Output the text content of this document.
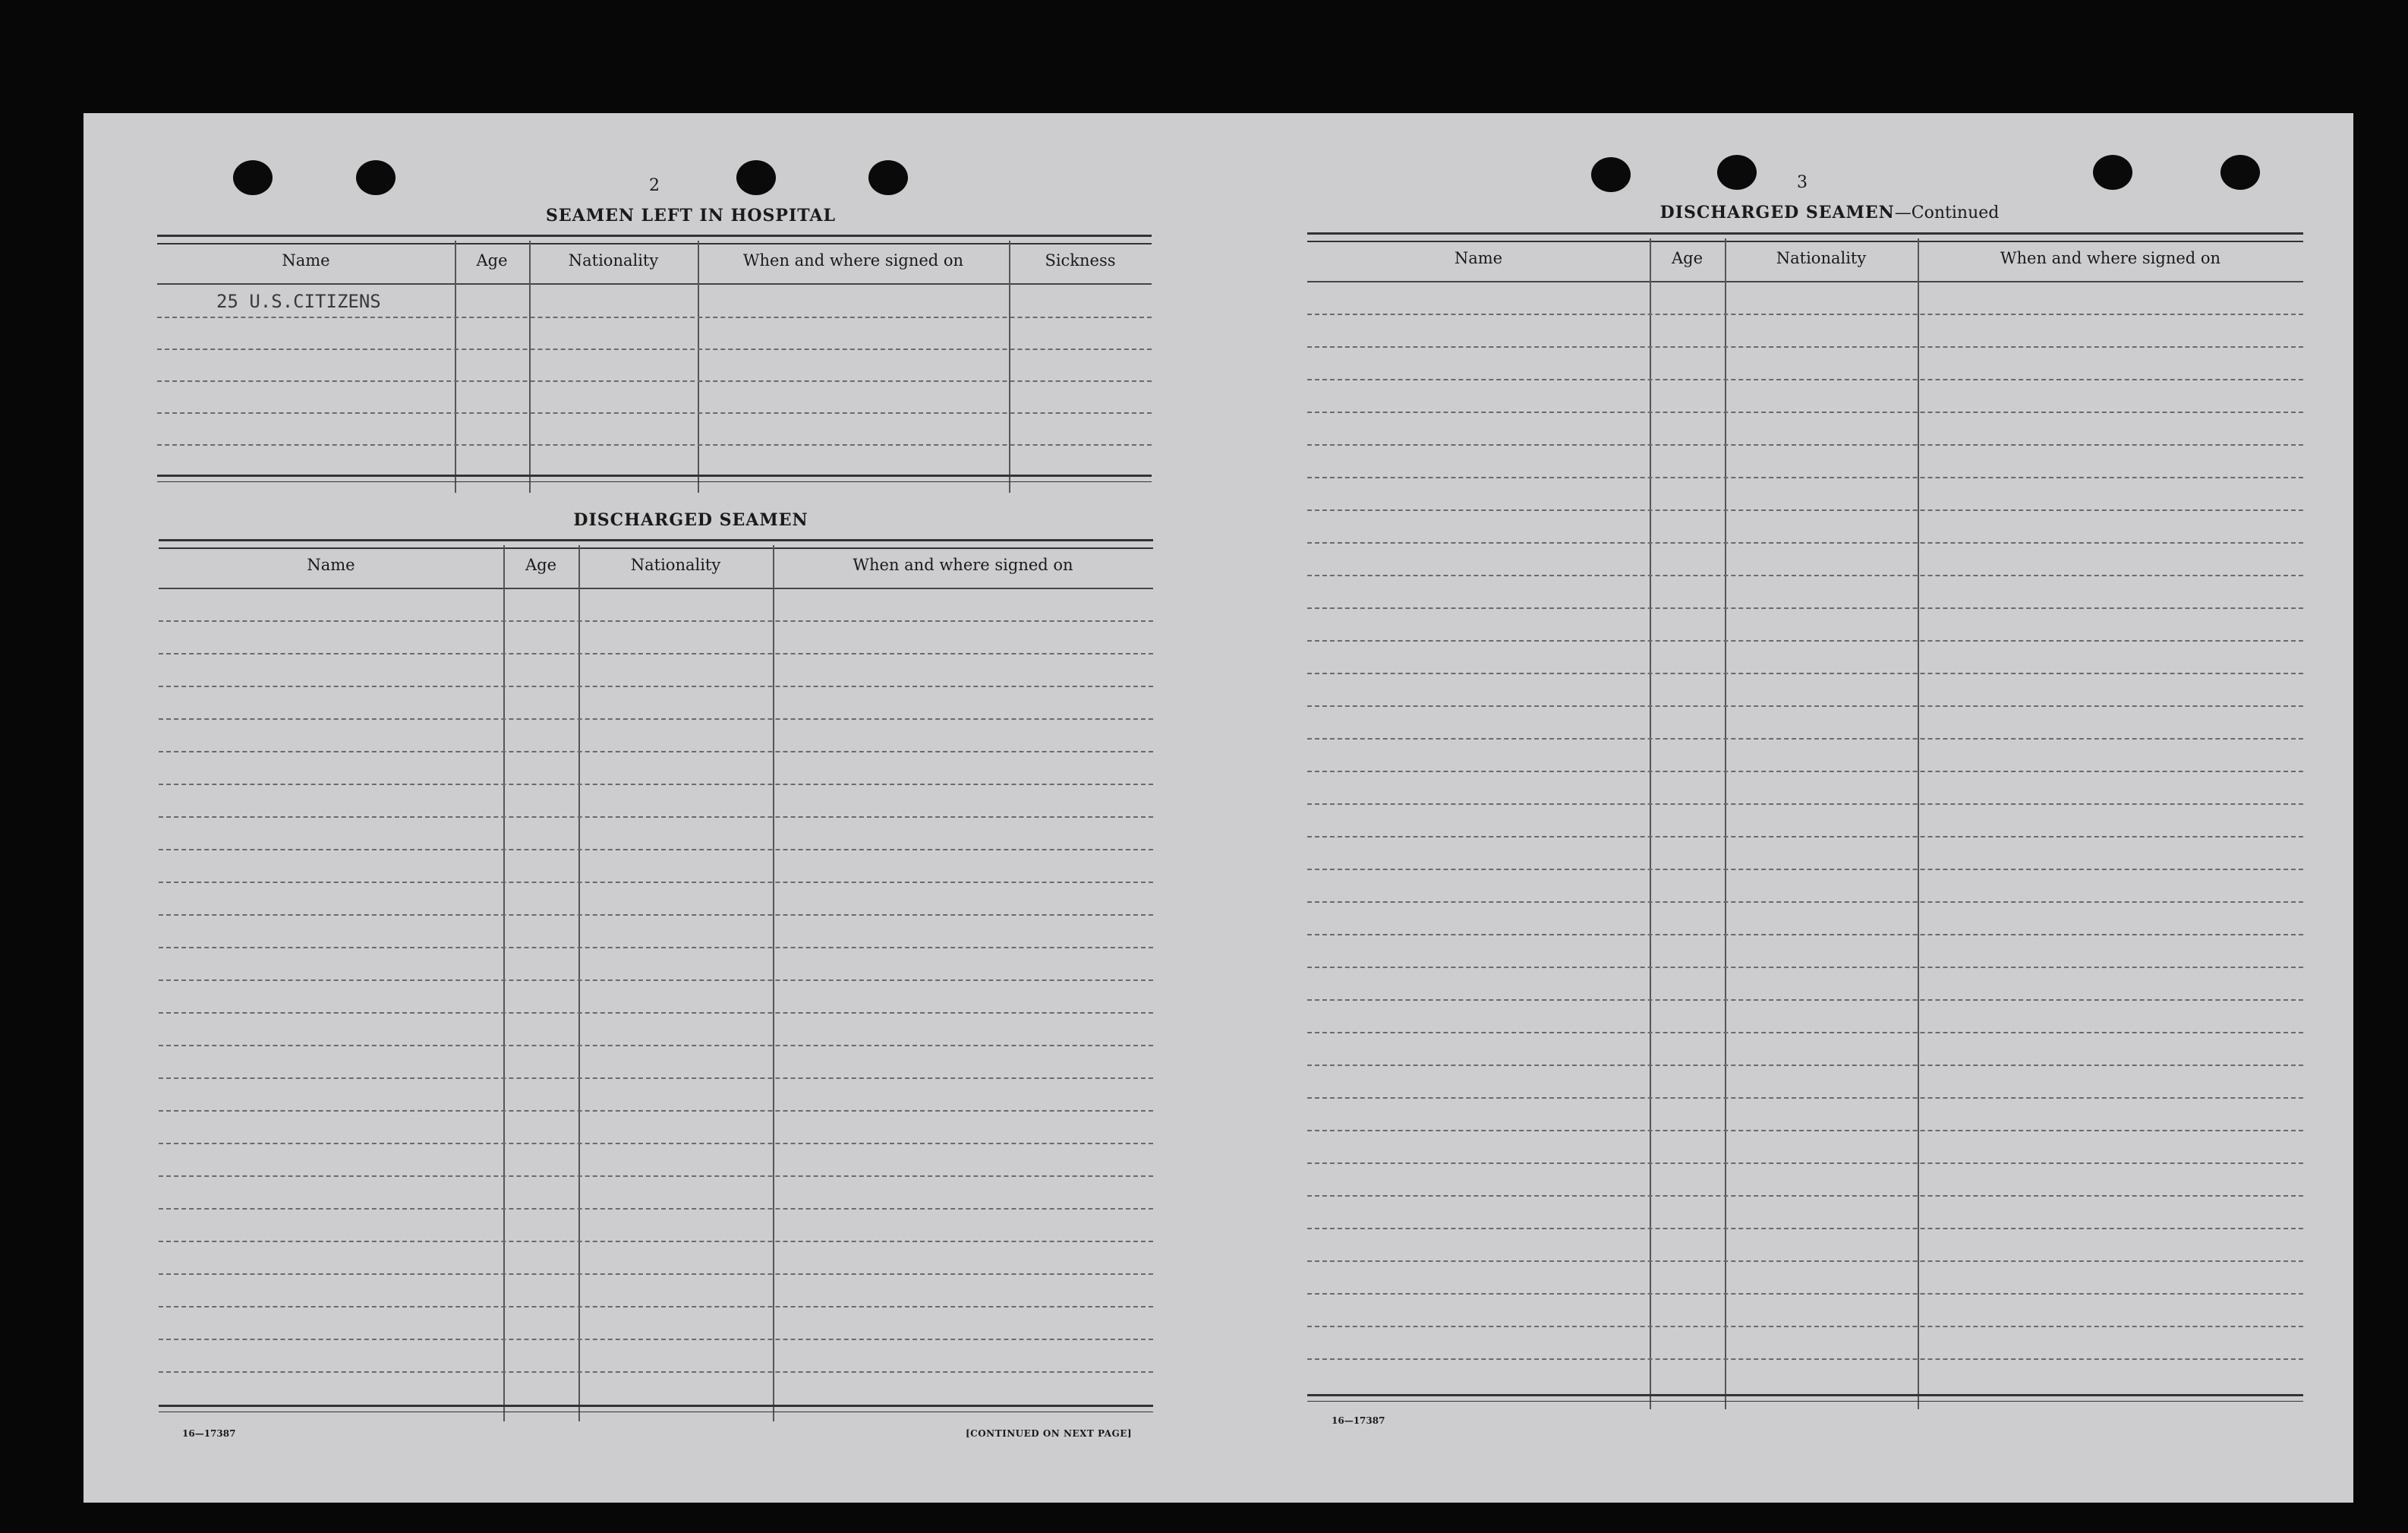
2
SEAMEN LEFT IN HOSPITAL
Name	Age	Nationality	When and where signed on	Sickness
25 U.S.CITIZENS
DISCHARGED SEAMEN
Name	Age	Nationality	When and where signed on
16—17387	[CONTINUED ON NEXT PAGE]
3
DISCHARGED SEAMEN—Continued
Name	Age	Nationality	When and where signed on
16—17387
